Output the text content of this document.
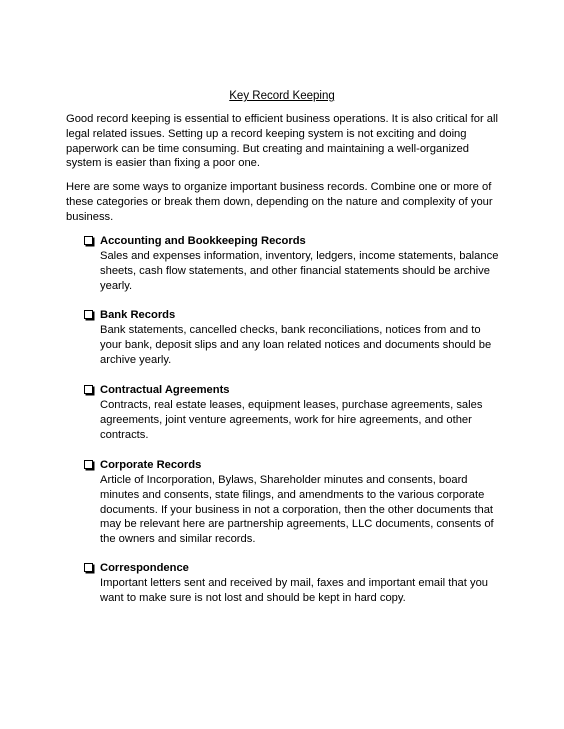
Key Record Keeping
Good record keeping is essential to efficient business operations. It is also critical for all legal related issues. Setting up a record keeping system is not exciting and doing paperwork can be time consuming. But creating and maintaining a well-organized system is easier than fixing a poor one.
Here are some ways to organize important business records. Combine one or more of these categories or break them down, depending on the nature and complexity of your business.
Accounting and Bookkeeping Records
Sales and expenses information, inventory, ledgers, income statements, balance sheets, cash flow statements, and other financial statements should be archive yearly.
Bank Records
Bank statements, cancelled checks, bank reconciliations, notices from and to your bank, deposit slips and any loan related notices and documents should be archive yearly.
Contractual Agreements
Contracts, real estate leases, equipment leases, purchase agreements, sales agreements, joint venture agreements, work for hire agreements, and other contracts.
Corporate Records
Article of Incorporation, Bylaws, Shareholder minutes and consents, board minutes and consents, state filings, and amendments to the various corporate documents. If your business in not a corporation, then the other documents that may be relevant here are partnership agreements, LLC documents, consents of the owners and similar records.
Correspondence
Important letters sent and received by mail, faxes and important email that you want to make sure is not lost and should be kept in hard copy.
